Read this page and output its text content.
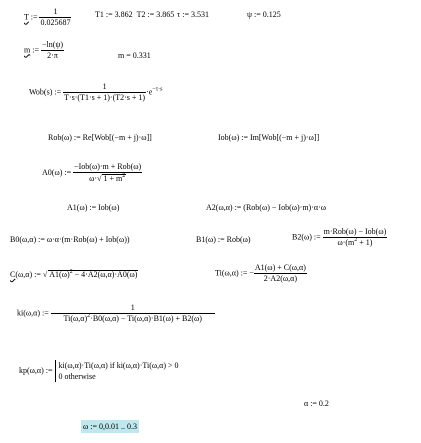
T := $\frac{1}{0.025687}$	T1 := 3.862 T2 := 3.865 τ := 3.531	ψ := 0.125
m := $\frac{-\ln(\psi)}{2\cdot\pi}$	m = 0.331
Wob(s) := $\frac{1}{T\cdot s\cdot(T1\cdot s + 1)\cdot(T2\cdot s + 1)} \cdot e^{-\tau\cdot s}$
Rob(ω) := Re[Wob[(−m + j)·ω]]	Iob(ω) := Im[Wob[(−m + j)·ω]]
A0(ω) := $\frac{\text{−Iob(ω)·m + Rob(ω)}}{\omega\cdot√ 1 + m^2}$
A1(ω) := Iob(ω)	A2(ω,α) := (Rob(ω) − Iob(ω)·m)·α·ω
B0(ω,α) := ω·α·(m·Rob(ω) + Iob(ω))	B1(ω) := Rob(ω)	B2(ω) := $\frac{\text{m·Rob(ω) − Iob(ω)}}{\omega\cdot(m^2 + 1)}$
C(ω,α) := √ $A1(\omega)^2 - 4\cdot A2(\omega,\alpha)\cdot A0(\omega)$	Ti(ω,α) := − $\frac{A1(\omega) + C(\omega,\alpha)}{2\cdot A2(\omega,\alpha)}$
ki(ω,α) := $\frac{1}{Ti(\omega,\alpha)^2\cdot B0(\omega,\alpha) - Ti(\omega,\alpha)\cdot B1(\omega) + B2(\omega)}$
kp(ω,α) :=
ki(ω,α)·Ti(ω,α) if ki(ω,α)·Ti(ω,α) > 0
0 otherwise
α := 0.2
ω := 0,0.01 .. 0.3
